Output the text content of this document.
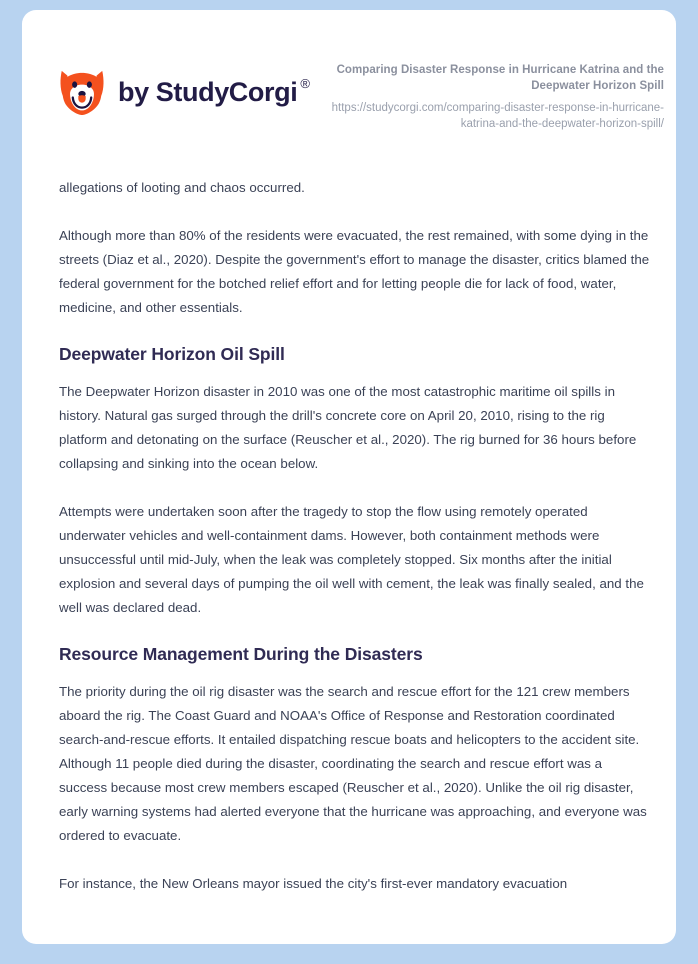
by StudyCorgi ®

Comparing Disaster Response in Hurricane Katrina and the Deepwater Horizon Spill

https://studycorgi.com/comparing-disaster-response-in-hurricane-katrina-and-the-deepwater-horizon-spill/

allegations of looting and chaos occurred.

Although more than 80% of the residents were evacuated, the rest remained, with some dying in the streets (Diaz et al., 2020). Despite the government's effort to manage the disaster, critics blamed the federal government for the botched relief effort and for letting people die for lack of food, water, medicine, and other essentials.

Deepwater Horizon Oil Spill

The Deepwater Horizon disaster in 2010 was one of the most catastrophic maritime oil spills in history. Natural gas surged through the drill's concrete core on April 20, 2010, rising to the rig platform and detonating on the surface (Reuscher et al., 2020). The rig burned for 36 hours before collapsing and sinking into the ocean below.

Attempts were undertaken soon after the tragedy to stop the flow using remotely operated underwater vehicles and well-containment dams. However, both containment methods were unsuccessful until mid-July, when the leak was completely stopped. Six months after the initial explosion and several days of pumping the oil well with cement, the leak was finally sealed, and the well was declared dead.

Resource Management During the Disasters

The priority during the oil rig disaster was the search and rescue effort for the 121 crew members aboard the rig. The Coast Guard and NOAA's Office of Response and Restoration coordinated search-and-rescue efforts. It entailed dispatching rescue boats and helicopters to the accident site. Although 11 people died during the disaster, coordinating the search and rescue effort was a success because most crew members escaped (Reuscher et al., 2020). Unlike the oil rig disaster, early warning systems had alerted everyone that the hurricane was approaching, and everyone was ordered to evacuate.

For instance, the New Orleans mayor issued the city's first-ever mandatory evacuation
